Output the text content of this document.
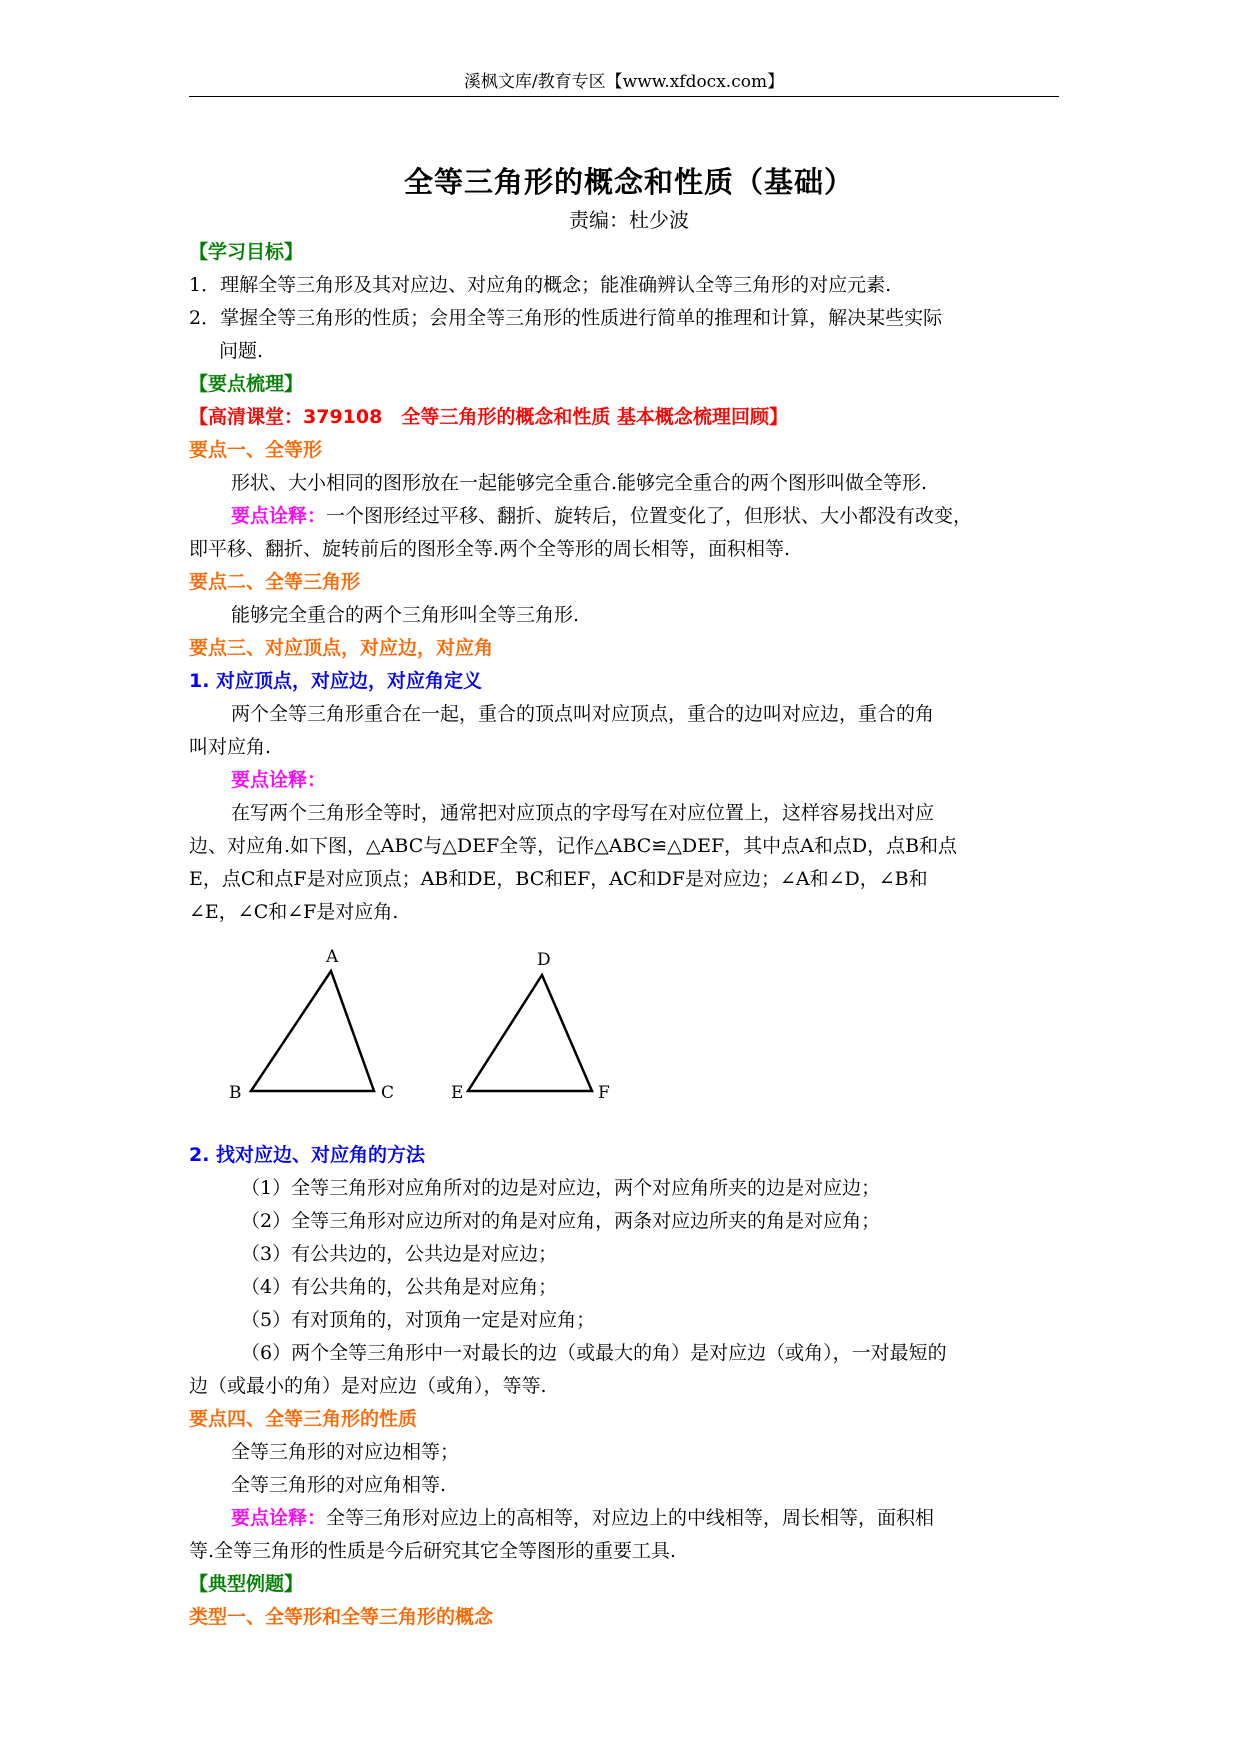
溪枫文库/教育专区【www.xfdocx.com】
全等三角形的概念和性质（基础）
责编：杜少波
【学习目标】
1．理解全等三角形及其对应边、对应角的概念；能准确辨认全等三角形的对应元素.
2．掌握全等三角形的性质；会用全等三角形的性质进行简单的推理和计算，解决某些实际
问题.
【要点梳理】
【高清课堂：379108　全等三角形的概念和性质 基本概念梳理回顾】
要点一、全等形
形状、大小相同的图形放在一起能够完全重合.能够完全重合的两个图形叫做全等形.
要点诠释：一个图形经过平移、翻折、旋转后，位置变化了，但形状、大小都没有改变，
即平移、翻折、旋转前后的图形全等.两个全等形的周长相等，面积相等.
要点二、全等三角形
能够完全重合的两个三角形叫全等三角形.
要点三、对应顶点，对应边，对应角
1. 对应顶点，对应边，对应角定义
两个全等三角形重合在一起，重合的顶点叫对应顶点，重合的边叫对应边，重合的角
叫对应角.
要点诠释：
在写两个三角形全等时，通常把对应顶点的字母写在对应位置上，这样容易找出对应
边、对应角.如下图，△ABC与△DEF全等，记作△ABC≌△DEF，其中点A和点D，点B和点
E，点C和点F是对应顶点；AB和DE，BC和EF，AC和DF是对应边；∠A和∠D，∠B和
∠E，∠C和∠F是对应角.
A
B	C
D
E	F
2. 找对应边、对应角的方法
（1）全等三角形对应角所对的边是对应边，两个对应角所夹的边是对应边；
（2）全等三角形对应边所对的角是对应角，两条对应边所夹的角是对应角；
（3）有公共边的，公共边是对应边；
（4）有公共角的，公共角是对应角；
（5）有对顶角的，对顶角一定是对应角；
（6）两个全等三角形中一对最长的边（或最大的角）是对应边（或角），一对最短的
边（或最小的角）是对应边（或角），等等.
要点四、全等三角形的性质
全等三角形的对应边相等；
全等三角形的对应角相等.
要点诠释：全等三角形对应边上的高相等，对应边上的中线相等，周长相等，面积相
等.全等三角形的性质是今后研究其它全等图形的重要工具.
【典型例题】
类型一、全等形和全等三角形的概念
